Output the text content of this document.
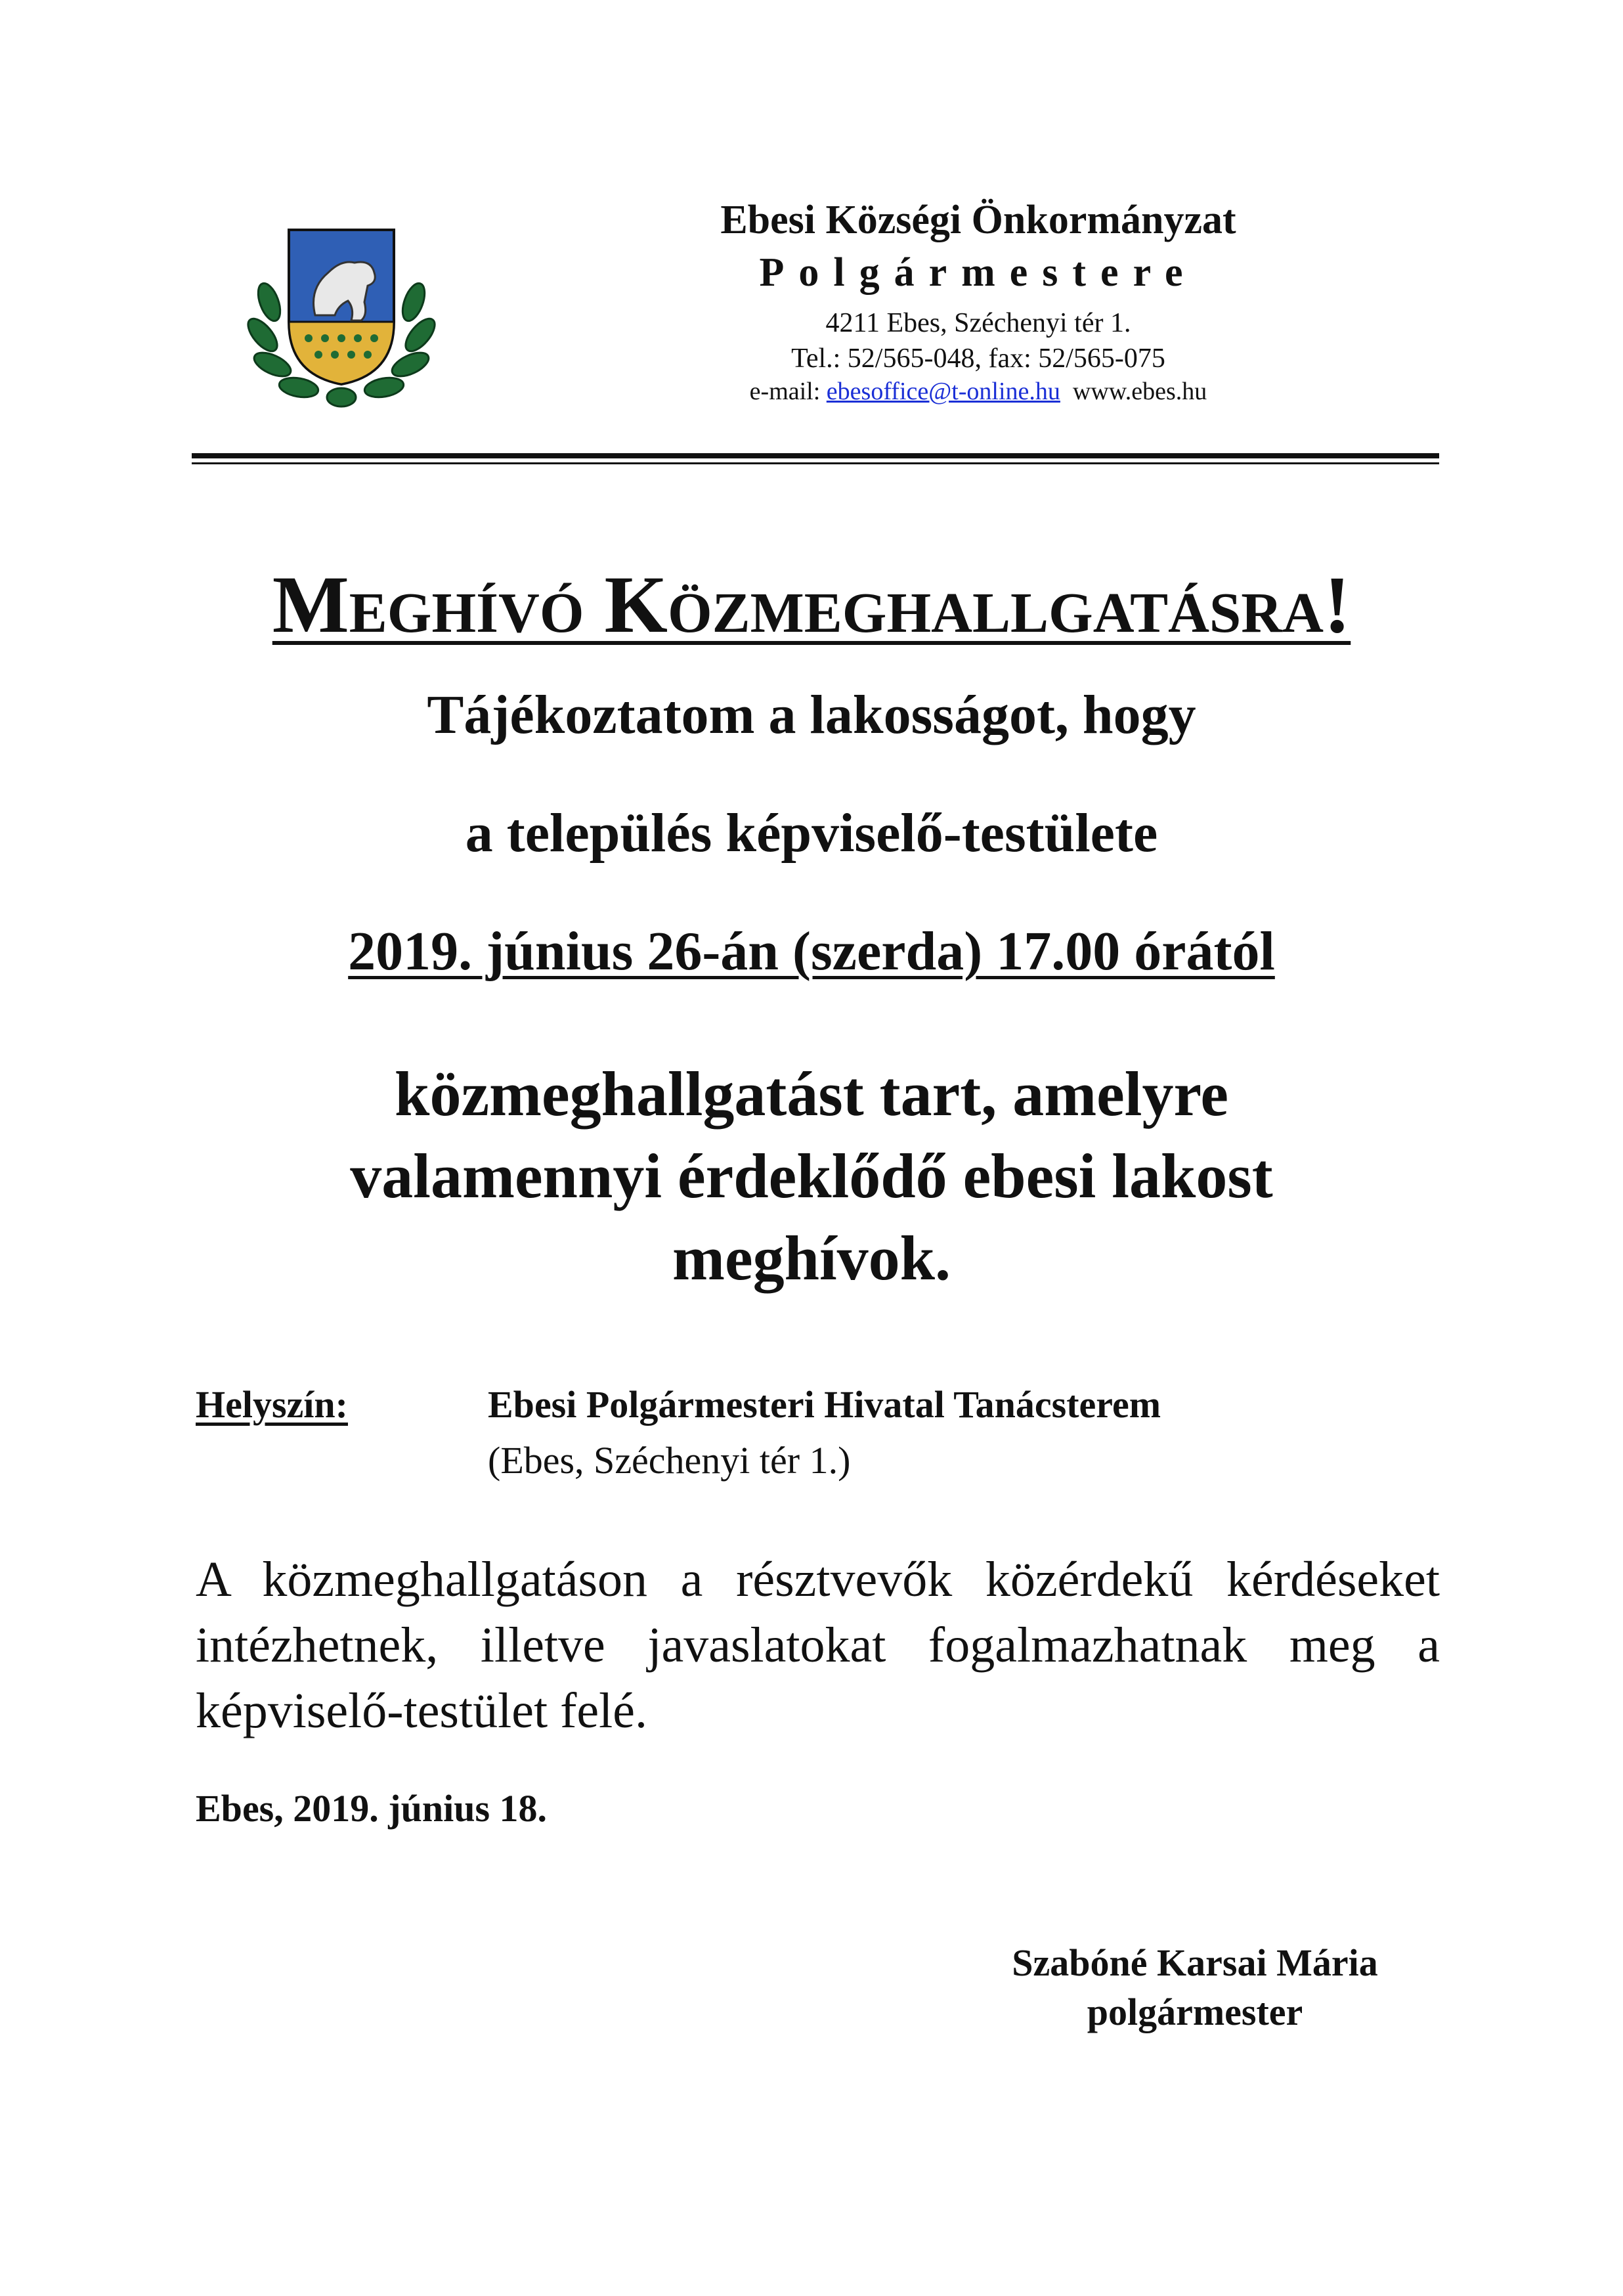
Ebesi Községi Önkormányzat
Polgármestere
4211 Ebes, Széchenyi tér 1.
Tel.: 52/565-048, fax: 52/565-075
e-mail: ebesoffice@t-online.hu www.ebes.hu
Meghívó Közmeghallgatásra!
Tájékoztatom a lakosságot, hogy
a település képviselő-testülete
2019. június 26-án (szerda) 17.00 órától
közmeghallgatást tart, amelyre
valamennyi érdeklődő ebesi lakost
meghívok.
Helyszín:	Ebesi Polgármesteri Hivatal Tanácsterem
(Ebes, Széchenyi tér 1.)
A közmeghallgatáson a résztvevők közérdekű kérdéseket intézhetnek, illetve javaslatokat fogalmazhatnak meg a képviselő-testület felé.
Ebes, 2019. június 18.
Szabóné Karsai Mária
polgármester
